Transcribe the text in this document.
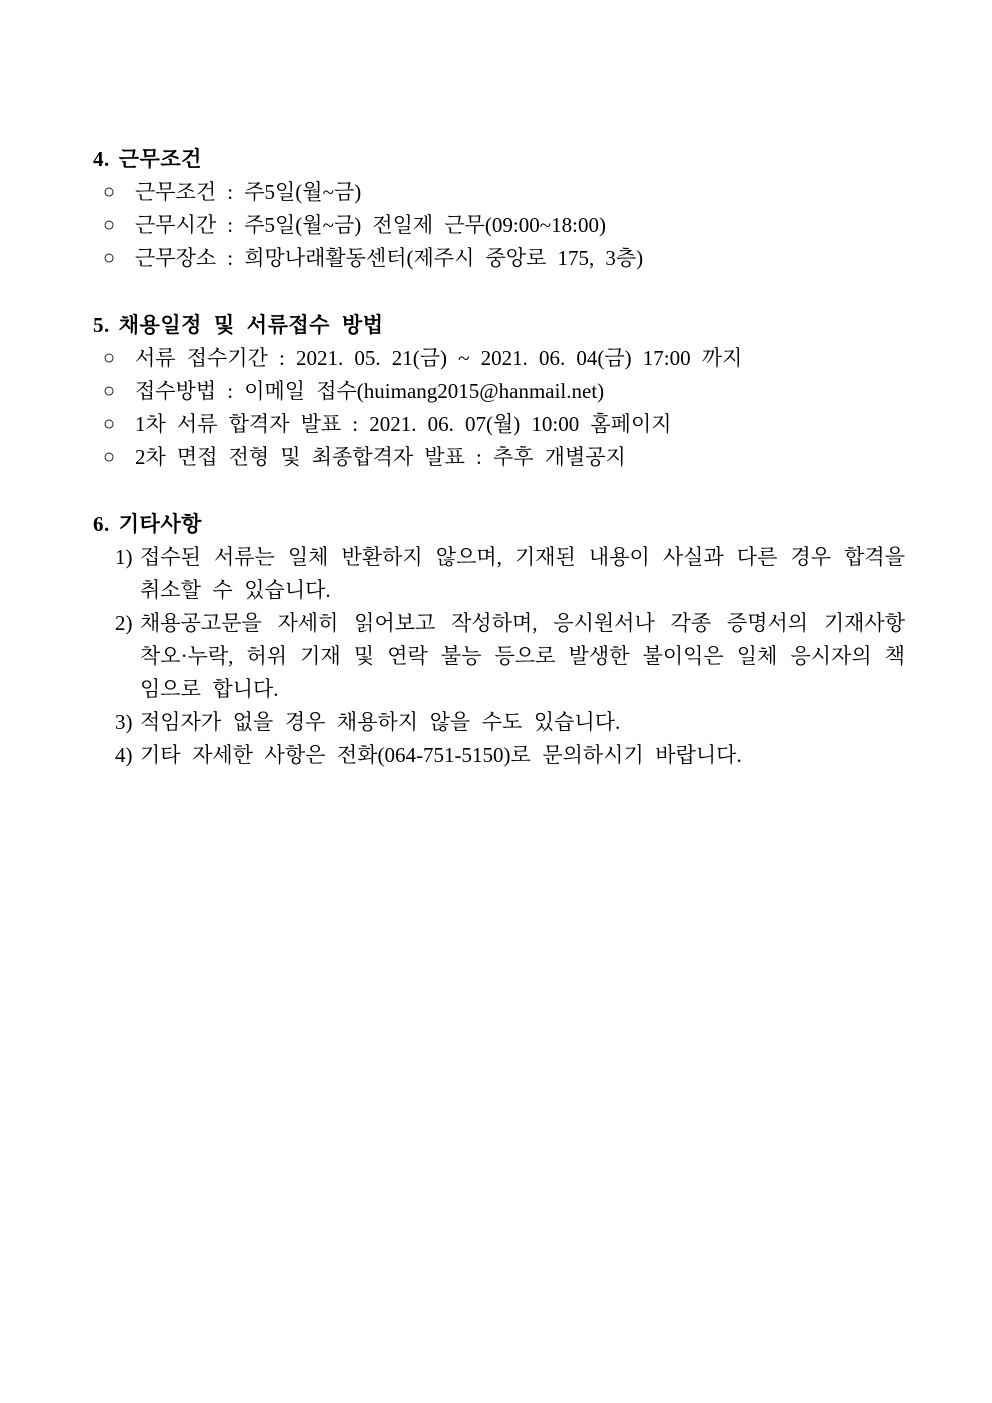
4. 근무조건
○ 근무조건 : 주5일(월~금)
○ 근무시간 : 주5일(월~금) 전일제 근무(09:00~18:00)
○ 근무장소 : 희망나래활동센터(제주시 중앙로 175, 3층)
5. 채용일정 및 서류접수 방법
○ 서류 접수기간 : 2021. 05. 21(금) ~ 2021. 06. 04(금) 17:00 까지
○ 접수방법 : 이메일 접수(huimang2015@hanmail.net)
○ 1차 서류 합격자 발표 : 2021. 06. 07(월) 10:00 홈페이지
○ 2차 면접 전형 및 최종합격자 발표 : 추후 개별공지
6. 기타사항
1) 접수된 서류는 일체 반환하지 않으며, 기재된 내용이 사실과 다른 경우 합격을 취소할 수 있습니다.
2) 채용공고문을 자세히 읽어보고 작성하며, 응시원서나 각종 증명서의 기재사항 착오·누락, 허위 기재 및 연락 불능 등으로 발생한 불이익은 일체 응시자의 책임으로 합니다.
3) 적임자가 없을 경우 채용하지 않을 수도 있습니다.
4) 기타 자세한 사항은 전화(064-751-5150)로 문의하시기 바랍니다.
